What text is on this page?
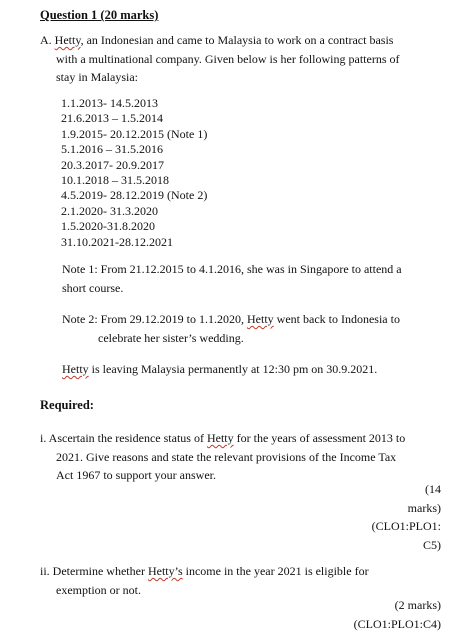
Question 1 (20 marks)
A. Hetty, an Indonesian and came to Malaysia to work on a contract basis
with a multinational company. Given below is her following patterns of
stay in Malaysia:
1.1.2013- 14.5.2013
21.6.2013 – 1.5.2014
1.9.2015- 20.12.2015 (Note 1)
5.1.2016 – 31.5.2016
20.3.2017- 20.9.2017
10.1.2018 – 31.5.2018
4.5.2019- 28.12.2019 (Note 2)
2.1.2020- 31.3.2020
1.5.2020-31.8.2020
31.10.2021-28.12.2021
Note 1: From 21.12.2015 to 4.1.2016, she was in Singapore to attend a
short course.
Note 2: From 29.12.2019 to 1.1.2020, Hetty went back to Indonesia to
celebrate her sister’s wedding.
Hetty is leaving Malaysia permanently at 12:30 pm on 30.9.2021.
Required:
i. Ascertain the residence status of Hetty for the years of assessment 2013 to
2021. Give reasons and state the relevant provisions of the Income Tax
Act 1967 to support your answer.
(14
marks)
(CLO1:PLO1:
C5)
ii. Determine whether Hetty’s income in the year 2021 is eligible for
exemption or not.
(2 marks)
(CLO1:PLO1:C4)
